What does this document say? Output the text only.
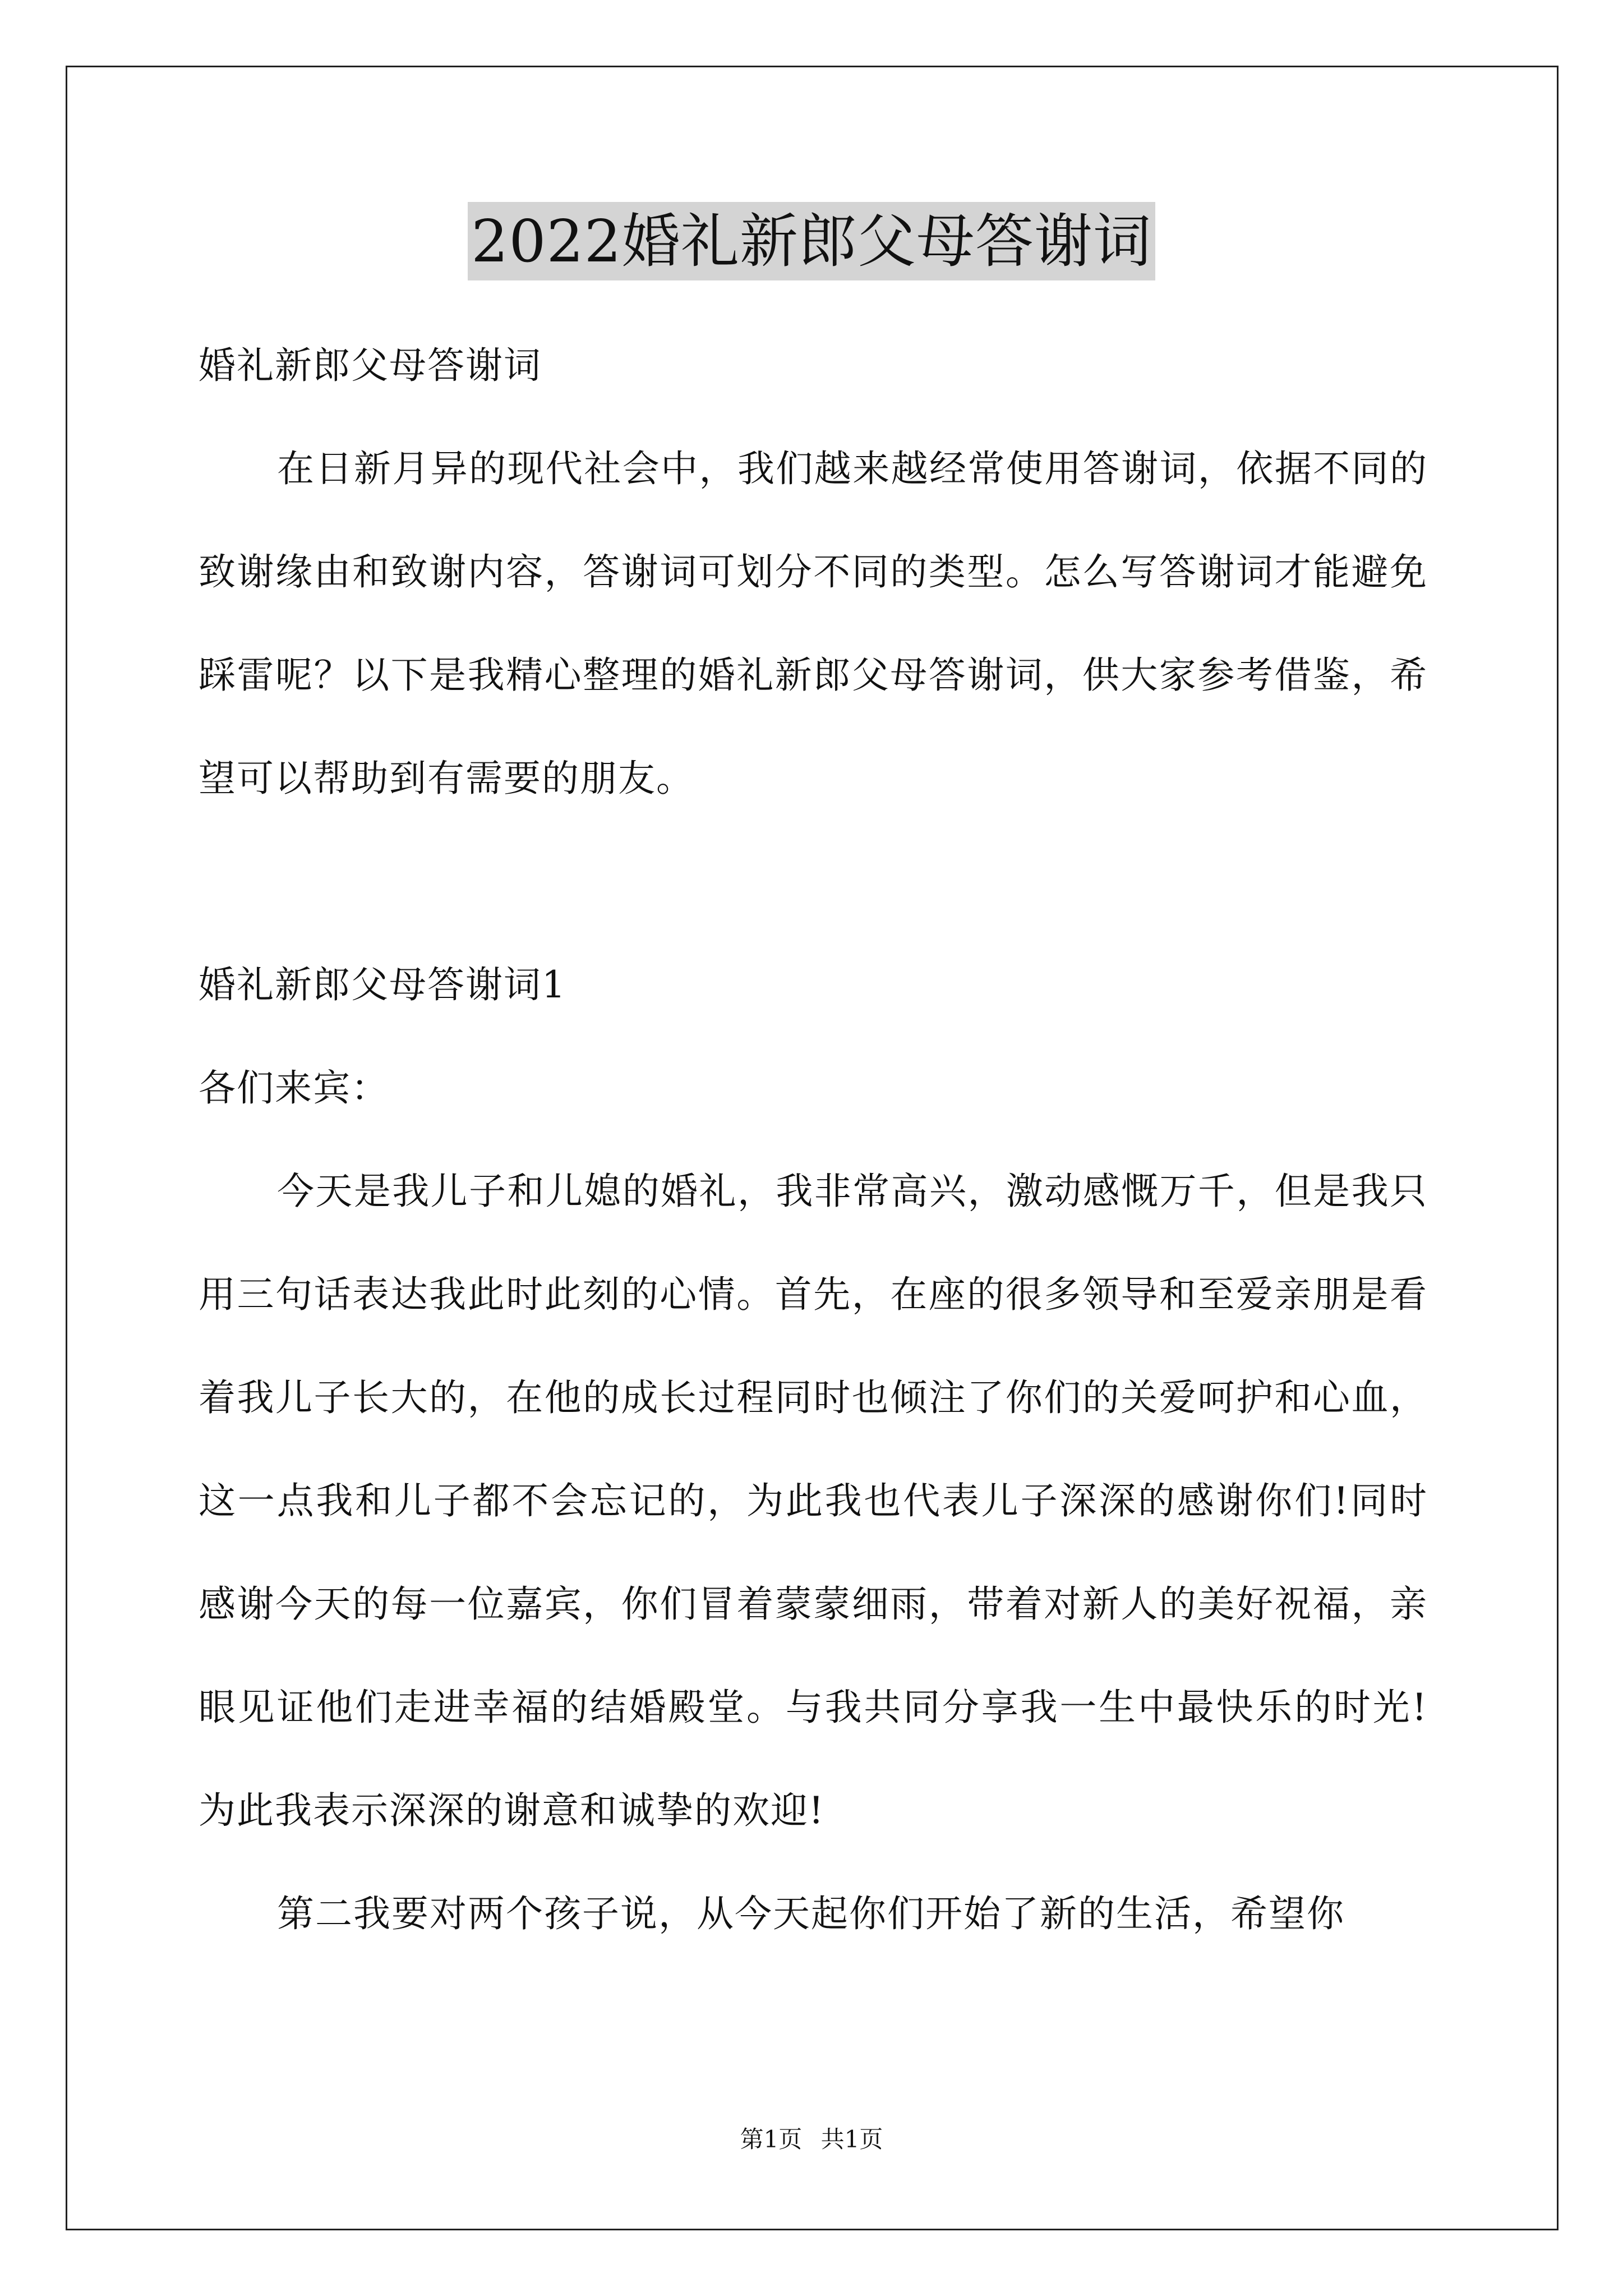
2022婚礼新郎父母答谢词
婚礼新郎父母答谢词

在日新月异的现代社会中，我们越来越经常使用答谢词，依据不同的致谢缘由和致谢内容，答谢词可划分不同的类型。怎么写答谢词才能避免踩雷呢？以下是我精心整理的婚礼新郎父母答谢词，供大家参考借鉴，希望可以帮助到有需要的朋友。

婚礼新郎父母答谢词1
各们来宾：

今天是我儿子和儿媳的婚礼，我非常高兴，激动感慨万千，但是我只用三句话表达我此时此刻的心情。首先，在座的很多领导和至爱亲朋是看着我儿子长大的，在他的成长过程同时也倾注了你们的关爱呵护和心血，这一点我和儿子都不会忘记的，为此我也代表儿子深深的感谢你们!同时感谢今天的每一位嘉宾，你们冒着蒙蒙细雨，带着对新人的美好祝福，亲眼见证他们走进幸福的结婚殿堂。与我共同分享我一生中最快乐的时光!为此我表示深深的谢意和诚挚的欢迎!

第二我要对两个孩子说，从今天起你们开始了新的生活，希望你

第1页 共1页
